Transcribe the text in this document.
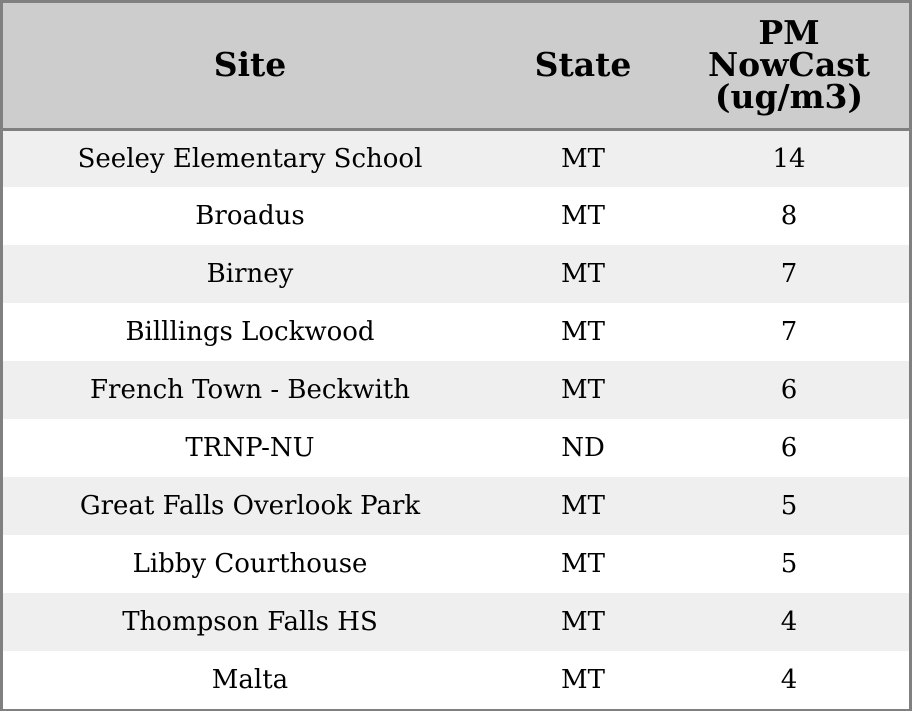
Site	State	PM
NowCast
(ug/m3)

Seeley Elementary School	MT	14
Broadus	MT	8
Birney	MT	7
Billlings Lockwood	MT	7
French Town - Beckwith	MT	6
TRNP-NU	ND	6
Great Falls Overlook Park	MT	5
Libby Courthouse	MT	5
Thompson Falls HS	MT	4
Malta	MT	4
